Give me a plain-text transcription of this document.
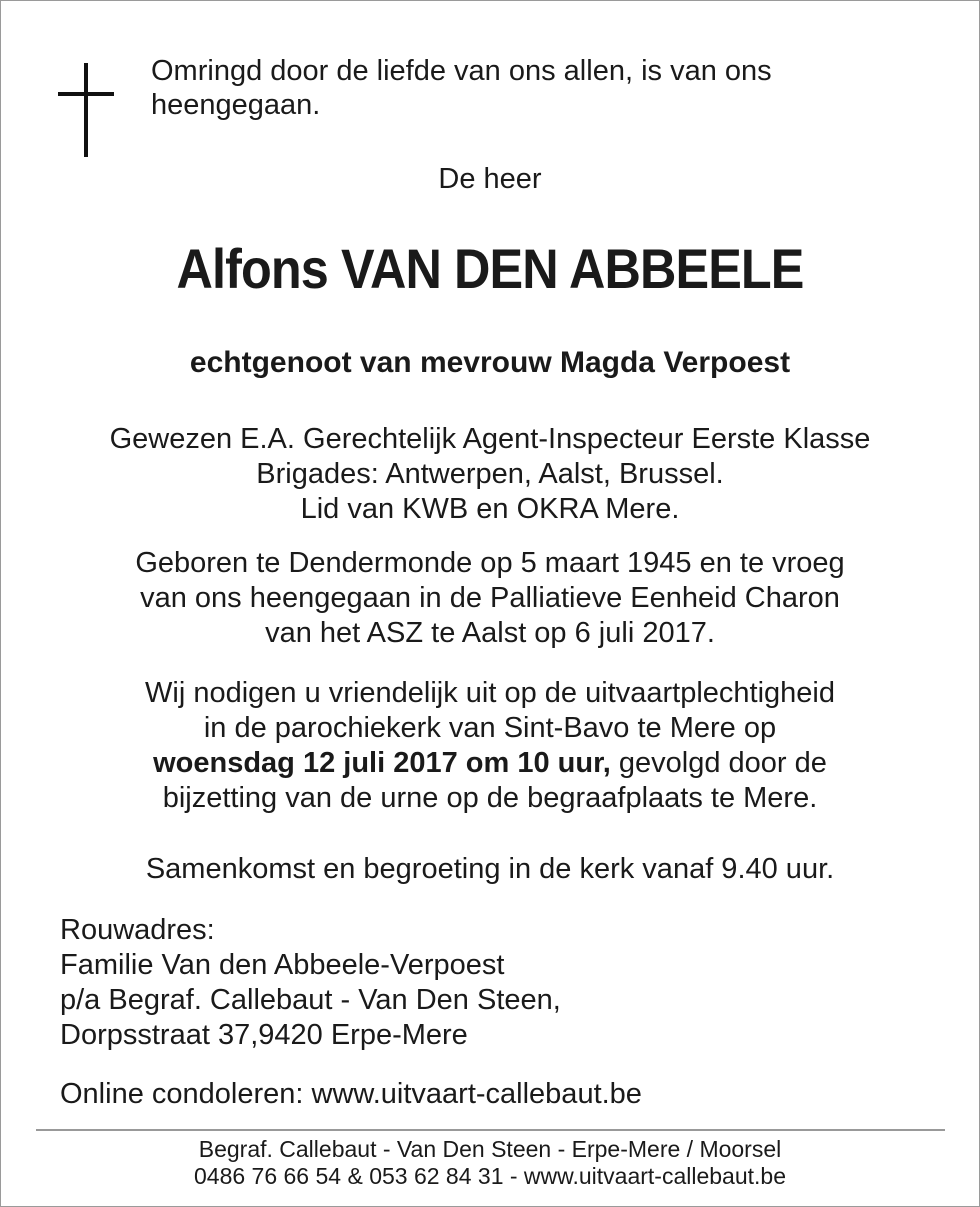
Omringd door de liefde van ons allen, is van ons
heengegaan.
De heer
Alfons VAN DEN ABBEELE
echtgenoot van mevrouw Magda Verpoest
Gewezen E.A. Gerechtelijk Agent-Inspecteur Eerste Klasse
Brigades: Antwerpen, Aalst, Brussel.
Lid van KWB en OKRA Mere.
Geboren te Dendermonde op 5 maart 1945 en te vroeg
van ons heengegaan in de Palliatieve Eenheid Charon
van het ASZ te Aalst op 6 juli 2017.
Wij nodigen u vriendelijk uit op de uitvaartplechtigheid
in de parochiekerk van Sint-Bavo te Mere op
woensdag 12 juli 2017 om 10 uur, gevolgd door de
bijzetting van de urne op de begraafplaats te Mere.
Samenkomst en begroeting in de kerk vanaf 9.40 uur.
Rouwadres:
Familie Van den Abbeele-Verpoest
p/a Begraf. Callebaut - Van Den Steen,
Dorpsstraat 37,9420 Erpe-Mere
Online condoleren: www.uitvaart-callebaut.be
Begraf. Callebaut - Van Den Steen - Erpe-Mere / Moorsel
0486 76 66 54 & 053 62 84 31 - www.uitvaart-callebaut.be
